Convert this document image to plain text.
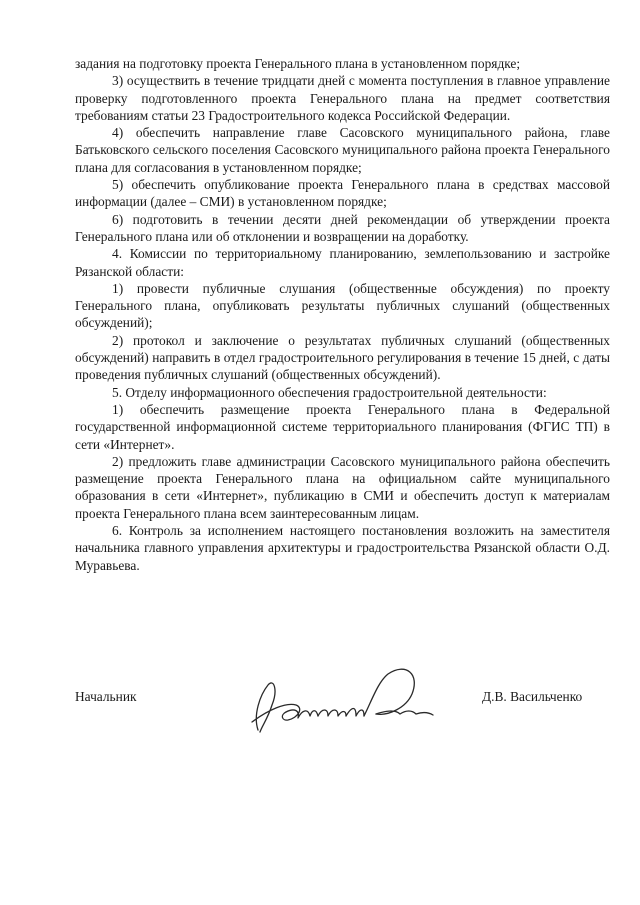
задания на подготовку проекта Генерального плана в установленном порядке;

3) осуществить в течение тридцати дней с момента поступления в главное управление проверку подготовленного проекта Генерального плана на предмет соответствия требованиям статьи 23 Градостроительного кодекса Российской Федерации.

4) обеспечить направление главе Сасовского муниципального района, главе Батьковского сельского поселения Сасовского муниципального района проекта Генерального плана для согласования в установленном порядке;

5) обеспечить опубликование проекта Генерального плана в средствах массовой информации (далее – СМИ) в установленном порядке;

6) подготовить в течении десяти дней рекомендации об утверждении проекта Генерального плана или об отклонении и возвращении на доработку.

4. Комиссии по территориальному планированию, землепользованию и застройке Рязанской области:

1) провести публичные слушания (общественные обсуждения) по проекту Генерального плана, опубликовать результаты публичных слушаний (общественных обсуждений);

2) протокол и заключение о результатах публичных слушаний (общественных обсуждений) направить в отдел градостроительного регулирования в течение 15 дней, с даты проведения публичных слушаний (общественных обсуждений).

5. Отделу информационного обеспечения градостроительной деятельности:

1) обеспечить размещение проекта Генерального плана в Федеральной государственной информационной системе территориального планирования (ФГИС ТП) в сети «Интернет».

2) предложить главе администрации Сасовского муниципального района обеспечить размещение проекта Генерального плана на официальном сайте муниципального образования в сети «Интернет», публикацию в СМИ и обеспечить доступ к материалам проекта Генерального плана всем заинтересованным лицам.

6. Контроль за исполнением настоящего постановления возложить на заместителя начальника главного управления архитектуры и градостроительства Рязанской области О.Д. Муравьева.

Начальник	Д.В. Васильченко
